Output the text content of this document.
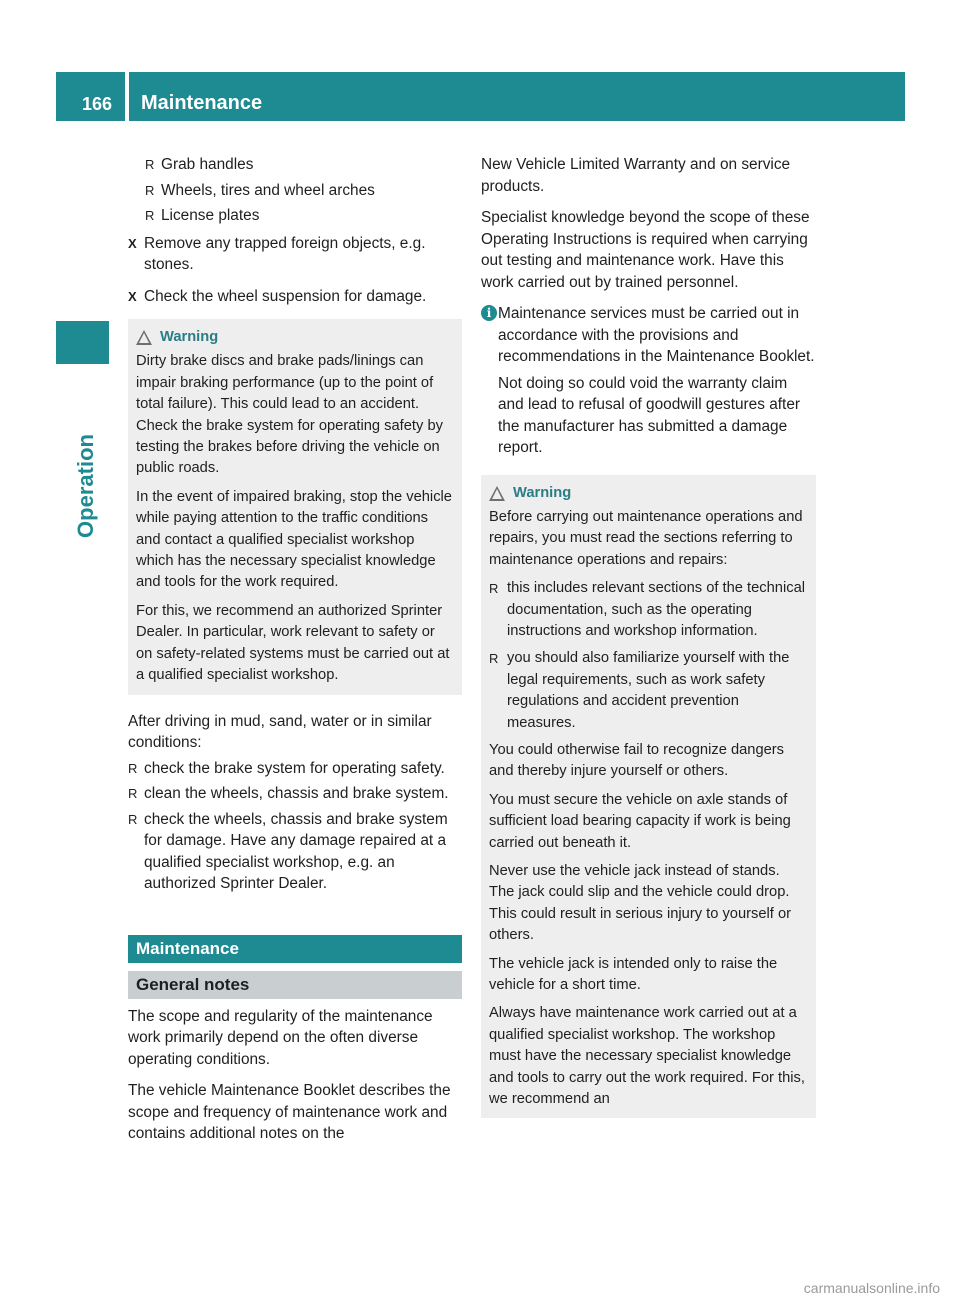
166 Maintenance
Operation
R Grab handles
R Wheels, tires and wheel arches
R License plates
X Remove any trapped foreign objects, e.g. stones.
X Check the wheel suspension for damage.
Warning

Dirty brake discs and brake pads/linings can impair braking performance (up to the point of total failure). This could lead to an accident. Check the brake system for operating safety by testing the brakes before driving the vehicle on public roads.

In the event of impaired braking, stop the vehicle while paying attention to the traffic conditions and contact a qualified specialist workshop which has the necessary specialist knowledge and tools for the work required.

For this, we recommend an authorized Sprinter Dealer. In particular, work relevant to safety or on safety-related systems must be carried out at a qualified specialist workshop.

After driving in mud, sand, water or in similar conditions:

R check the brake system for operating safety.
R clean the wheels, chassis and brake system.
R check the wheels, chassis and brake system for damage. Have any damage repaired at a qualified specialist workshop, e.g. an authorized Sprinter Dealer.
Maintenance
General notes

The scope and regularity of the maintenance work primarily depend on the often diverse operating conditions.

The vehicle Maintenance Booklet describes the scope and frequency of maintenance work and contains additional notes on the

New Vehicle Limited Warranty and on service products.

Specialist knowledge beyond the scope of these Operating Instructions is required when carrying out testing and maintenance work. Have this work carried out by trained personnel.

i Maintenance services must be carried out in accordance with the provisions and recommendations in the Maintenance Booklet.

Not doing so could void the warranty claim and lead to refusal of goodwill gestures after the manufacturer has submitted a damage report.

Warning

Before carrying out maintenance operations and repairs, you must read the sections referring to maintenance operations and repairs:

R this includes relevant sections of the technical documentation, such as the operating instructions and workshop information.
R you should also familiarize yourself with the legal requirements, such as work safety regulations and accident prevention measures.

You could otherwise fail to recognize dangers and thereby injure yourself or others.

You must secure the vehicle on axle stands of sufficient load bearing capacity if work is being carried out beneath it.

Never use the vehicle jack instead of stands. The jack could slip and the vehicle could drop. This could result in serious injury to yourself or others.

The vehicle jack is intended only to raise the vehicle for a short time.

Always have maintenance work carried out at a qualified specialist workshop. The workshop must have the necessary specialist knowledge and tools to carry out the work required. For this, we recommend an

carmanualsonline.info
